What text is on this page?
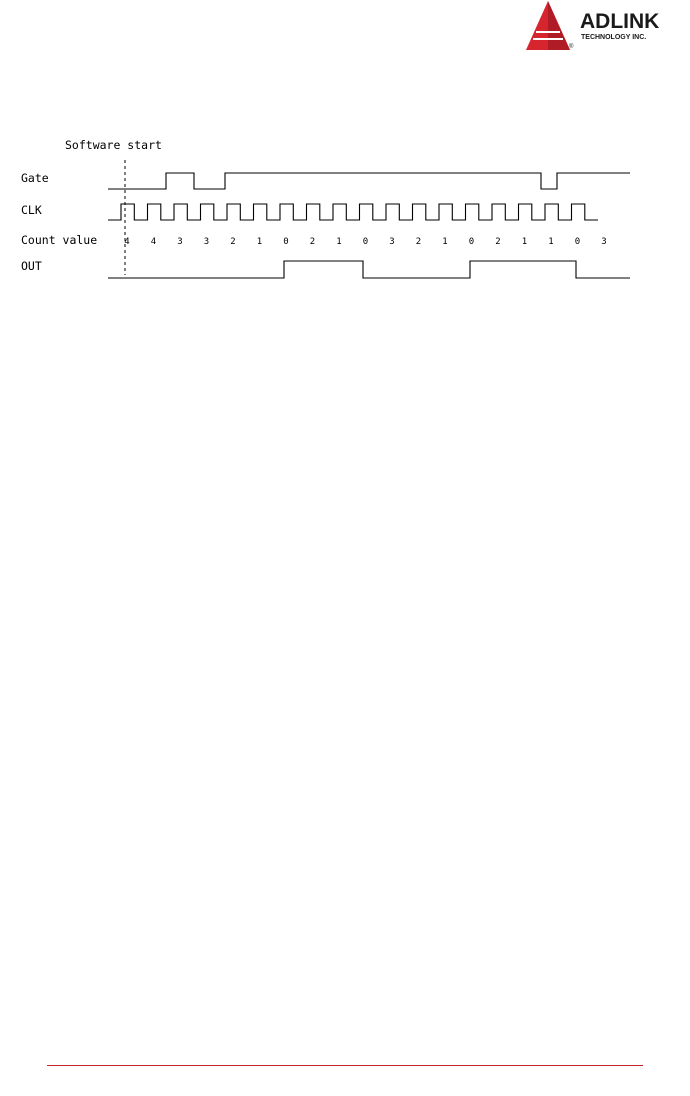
ADLINK
TECHNOLOGY INC.
®
Software start
Gate
CLK
Count value
OUT
4 4 3 3 2 1 0 2 1 0 3 2 1 0 2 1 1 0 3
